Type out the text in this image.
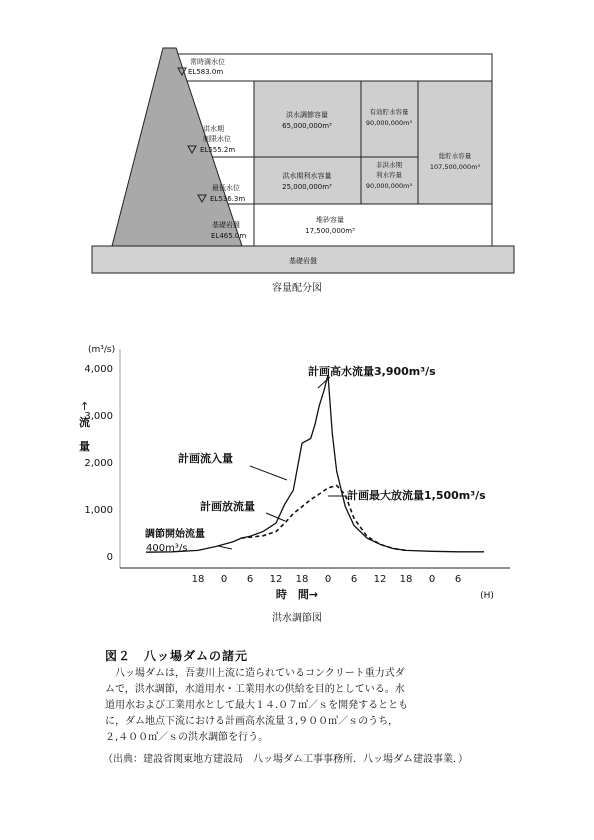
常時満水位
EL583.0m
洪水期
制限水位
EL555.2m
最低水位
EL536.3m
基礎岩盤
EL465.0m
洪水調節容量
65,000,000m³
有効貯水容量
90,000,000m³
洪水期利水容量
25,000,000m³
非洪水期
利水容量
90,000,000m³
総貯水容量
107,500,000m³
堆砂容量
17,500,000m³
基礎岩盤
容量配分図
(m³/s)
↑
流量
時　間→	(H)
洪水調節図
4,000
3,000
2,000
1,000
0
18 0 6 12 18 0 6 12 18 0 6
計画高水流量3,900m³/s
計画流入量
計画放流量
計画最大放流量1,500m³/s
調節開始流量
400m³/s
図２　八ッ場ダムの諸元
八ッ場ダムは，吾妻川上流に造られているコンクリート重力式ダ
ムで，洪水調節，水道用水・工業用水の供給を目的としている。水
道用水および工業用水として最大１４.０７㎥／ｓを開発するととも
に，ダム地点下流における計画高水流量３,９００㎥／ｓのうち，
２,４００㎥／ｓの洪水調節を行う。
（出典：建設省関東地方建設局　八ッ場ダム工事事務所．八ッ場ダム建設事業．）
